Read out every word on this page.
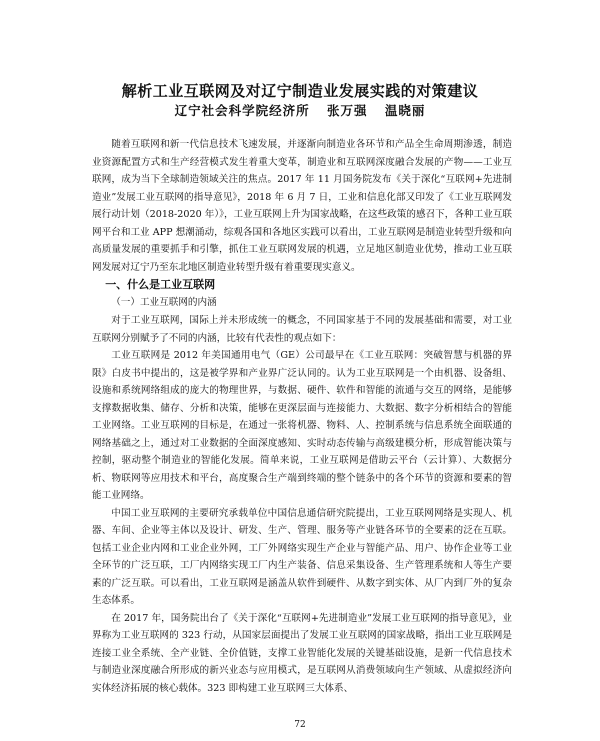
解析工业互联网及对辽宁制造业发展实践的对策建议
辽宁社会科学院经济所 张万强 温晓丽

随着互联网和新一代信息技术飞速发展，并逐渐向制造业各环节和产品全生命周期渗透，制造业资源配置方式和生产经营模式发生着重大变革，制造业和互联网深度融合发展的产物——工业互联网，成为当下全球制造领域关注的焦点。2017 年 11 月国务院发布《关于深化“互联网+先进制造业”发展工业互联网的指导意见》，2018 年 6 月 7 日，工业和信息化部又印发了《工业互联网发展行动计划（2018-2020 年）》，工业互联网上升为国家战略，在这些政策的感召下，各种工业互联网平台和工业 APP 想潮涌动，综观各国和各地区实践可以看出，工业互联网是制造业转型升级和向高质量发展的重要抓手和引擎，抓住工业互联网发展的机遇，立足地区制造业优势，推动工业互联网发展对辽宁乃至东北地区制造业转型升级有着重要现实意义。

一、什么是工业互联网

（一）工业互联网的内涵

对于工业互联网，国际上并未形成统一的概念，不同国家基于不同的发展基础和需要，对工业互联网分别赋予了不同的内涵，比较有代表性的观点如下：

工业互联网是 2012 年美国通用电气（GE）公司最早在《工业互联网：突破智慧与机器的界限》白皮书中提出的，这是被学界和产业界广泛认同的。认为工业互联网是一个由机器、设备组、设施和系统网络组成的庞大的物理世界，与数据、硬件、软件和智能的流通与交互的网络，是能够支撑数据收集、储存、分析和决策，能够在更深层面与连接能力、大数据、数字分析相结合的智能工业网络。工业互联网的目标是，在通过一张将机器、物料、人、控制系统与信息系统全面联通的网络基础之上，通过对工业数据的全面深度感知、实时动态传输与高级建模分析，形成智能决策与控制，驱动整个制造业的智能化发展。简单来说，工业互联网是借助云平台（云计算）、大数据分析、物联网等应用技术和平台，高度聚合生产端到终端的整个链条中的各个环节的资源和要素的智能工业网络。

中国工业互联网的主要研究承载单位中国信息通信研究院提出，工业互联网网络是实现人、机器、车间、企业等主体以及设计、研发、生产、管理、服务等产业链各环节的全要素的泛在互联。包括工业企业内网和工业企业外网，工厂外网络实现生产企业与智能产品、用户、协作企业等工业全环节的广泛互联，工厂内网络实现工厂内生产装备、信息采集设备、生产管理系统和人等生产要素的广泛互联。可以看出，工业互联网是涵盖从软件到硬件、从数字到实体、从厂内到厂外的复杂生态体系。

在 2017 年，国务院出台了《关于深化“互联网+先进制造业”发展工业互联网的指导意见》，业界称为工业互联网的 323 行动，从国家层面提出了发展工业互联网的国家战略，指出工业互联网是连接工业全系统、全产业链、全价值链，支撑工业智能化发展的关键基础设施，是新一代信息技术与制造业深度融合所形成的新兴业态与应用模式，是互联网从消费领域向生产领域、从虚拟经济向实体经济拓展的核心载体。323 即构建工业互联网三大体系、

72
